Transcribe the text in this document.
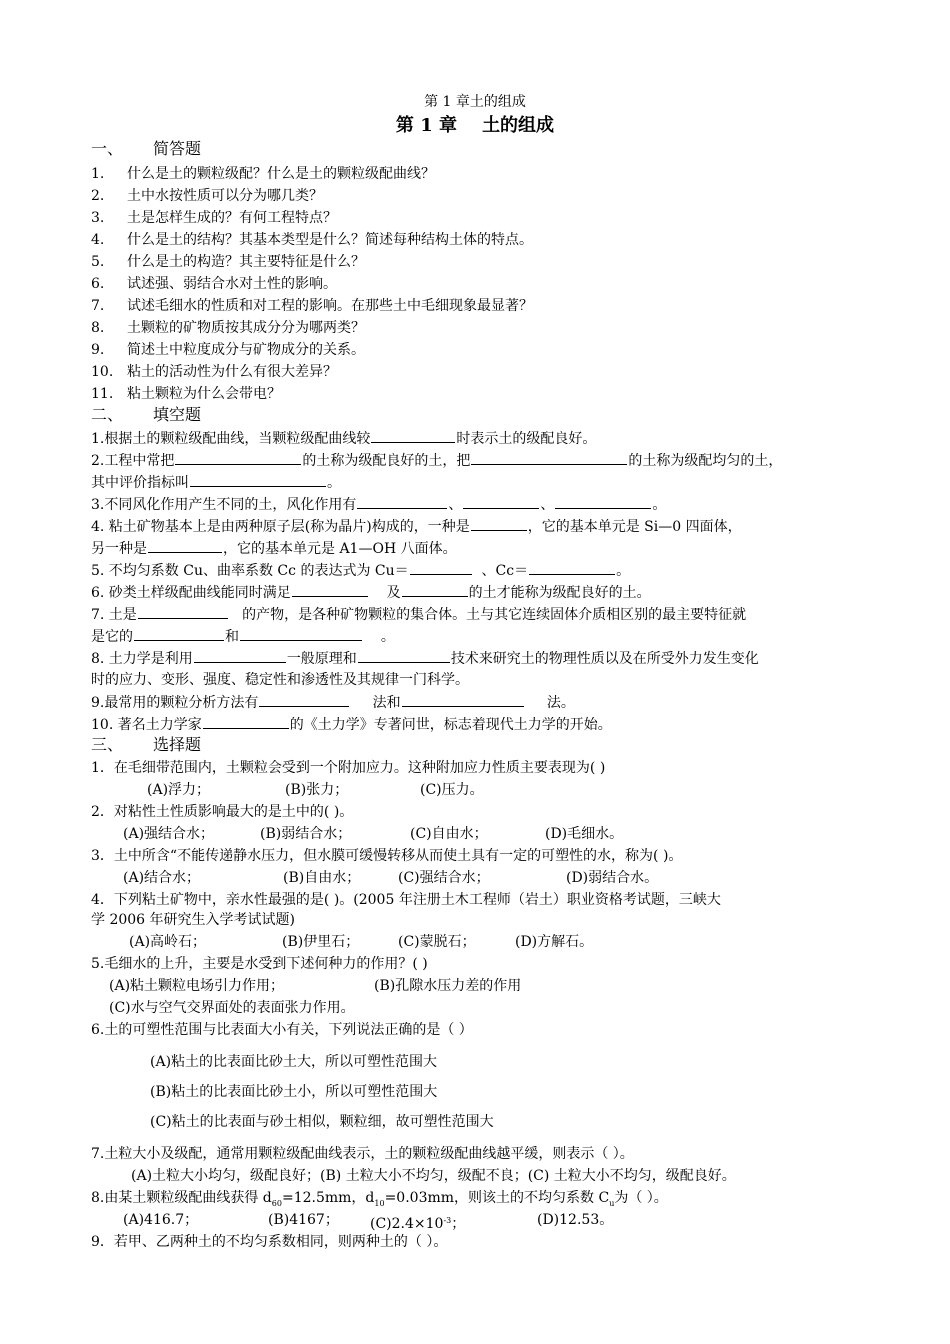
第 1 章土的组成
第 1 章 土的组成
一、 简答题
1. 什么是土的颗粒级配？什么是土的颗粒级配曲线？
2. 土中水按性质可以分为哪几类？
3. 土是怎样生成的？有何工程特点？
4. 什么是土的结构？其基本类型是什么？简述每种结构土体的特点。
5. 什么是土的构造？其主要特征是什么？
6. 试述强、弱结合水对土性的影响。
7. 试述毛细水的性质和对工程的影响。在那些土中毛细现象最显著？
8. 土颗粒的矿物质按其成分分为哪两类？
9. 简述土中粒度成分与矿物成分的关系。
10. 粘土的活动性为什么有很大差异？
11. 粘土颗粒为什么会带电？
二、 填空题
1.根据土的颗粒级配曲线，当颗粒级配曲线较	时表示土的级配良好。
2.工程中常把	的土称为级配良好的土，把	的土称为级配均匀的土，
其中评价指标叫	。
3.不同风化作用产生不同的土，风化作用有	、	、	。
4. 粘土矿物基本上是由两种原子层(称为晶片)构成的，一种是	，它的基本单元是 Si—0 四面体，
另一种是	，它的基本单元是 A1—OH 八面体。
5. 不均匀系数 Cu、曲率系数 Cc 的表达式为 Cu＝	、Cc＝	。
6. 砂类土样级配曲线能同时满足	及	的土才能称为级配良好的土。
7. 土是	的产物，是各种矿物颗粒的集合体。土与其它连续固体介质相区别的最主要特征就
是它的	和	。
8. 土力学是利用	一般原理和	技术来研究土的物理性质以及在所受外力发生变化
时的应力、变形、强度、稳定性和渗透性及其规律一门科学。
9.最常用的颗粒分析方法有	法和	法。
10. 著名土力学家	的《土力学》专著问世，标志着现代土力学的开始。
三、 选择题
1．在毛细带范围内，土颗粒会受到一个附加应力。这种附加应力性质主要表现为( )
(A)浮力；	(B)张力；	(C)压力。
2．对粘性土性质影响最大的是土中的( )。
(A)强结合水；	(B)弱结合水；	(C)自由水；	(D)毛细水。
3．土中所含“不能传递静水压力，但水膜可缓慢转移从而使土具有一定的可塑性的水，称为( )。
(A)结合水；	(B)自由水；	(C)强结合水；	(D)弱结合水。
4．下列粘土矿物中，亲水性最强的是( )。(2005 年注册土木工程师（岩土）职业资格考试题，三峡大
学 2006 年研究生入学考试试题)
(A)高岭石；	(B)伊里石；	(C)蒙脱石；	(D)方解石。
5.毛细水的上升，主要是水受到下述何种力的作用？( )
(A)粘土颗粒电场引力作用；	(B)孔隙水压力差的作用
(C)水与空气交界面处的表面张力作用。
6.土的可塑性范围与比表面大小有关，下列说法正确的是（ ）
(A)粘土的比表面比砂土大，所以可塑性范围大
(B)粘土的比表面比砂土小，所以可塑性范围大
(C)粘土的比表面与砂土相似，颗粒细，故可塑性范围大
7.土粒大小及级配，通常用颗粒级配曲线表示，土的颗粒级配曲线越平缓，则表示（ ）。
(A)土粒大小均匀，级配良好；(B) 土粒大小不均匀，级配不良；(C) 土粒大小不均匀，级配良好。
8.由某土颗粒级配曲线获得 $d_{60}=12.5mm$，$d_{10}=0.03mm$，则该土的不均匀系数 $C_u$为（ ）。
(A)416.7；	(B)4167； $(C)2.4\times 10^{-3}$；	(D)12.53。
9．若甲、乙两种土的不均匀系数相同，则两种土的（ ）。
